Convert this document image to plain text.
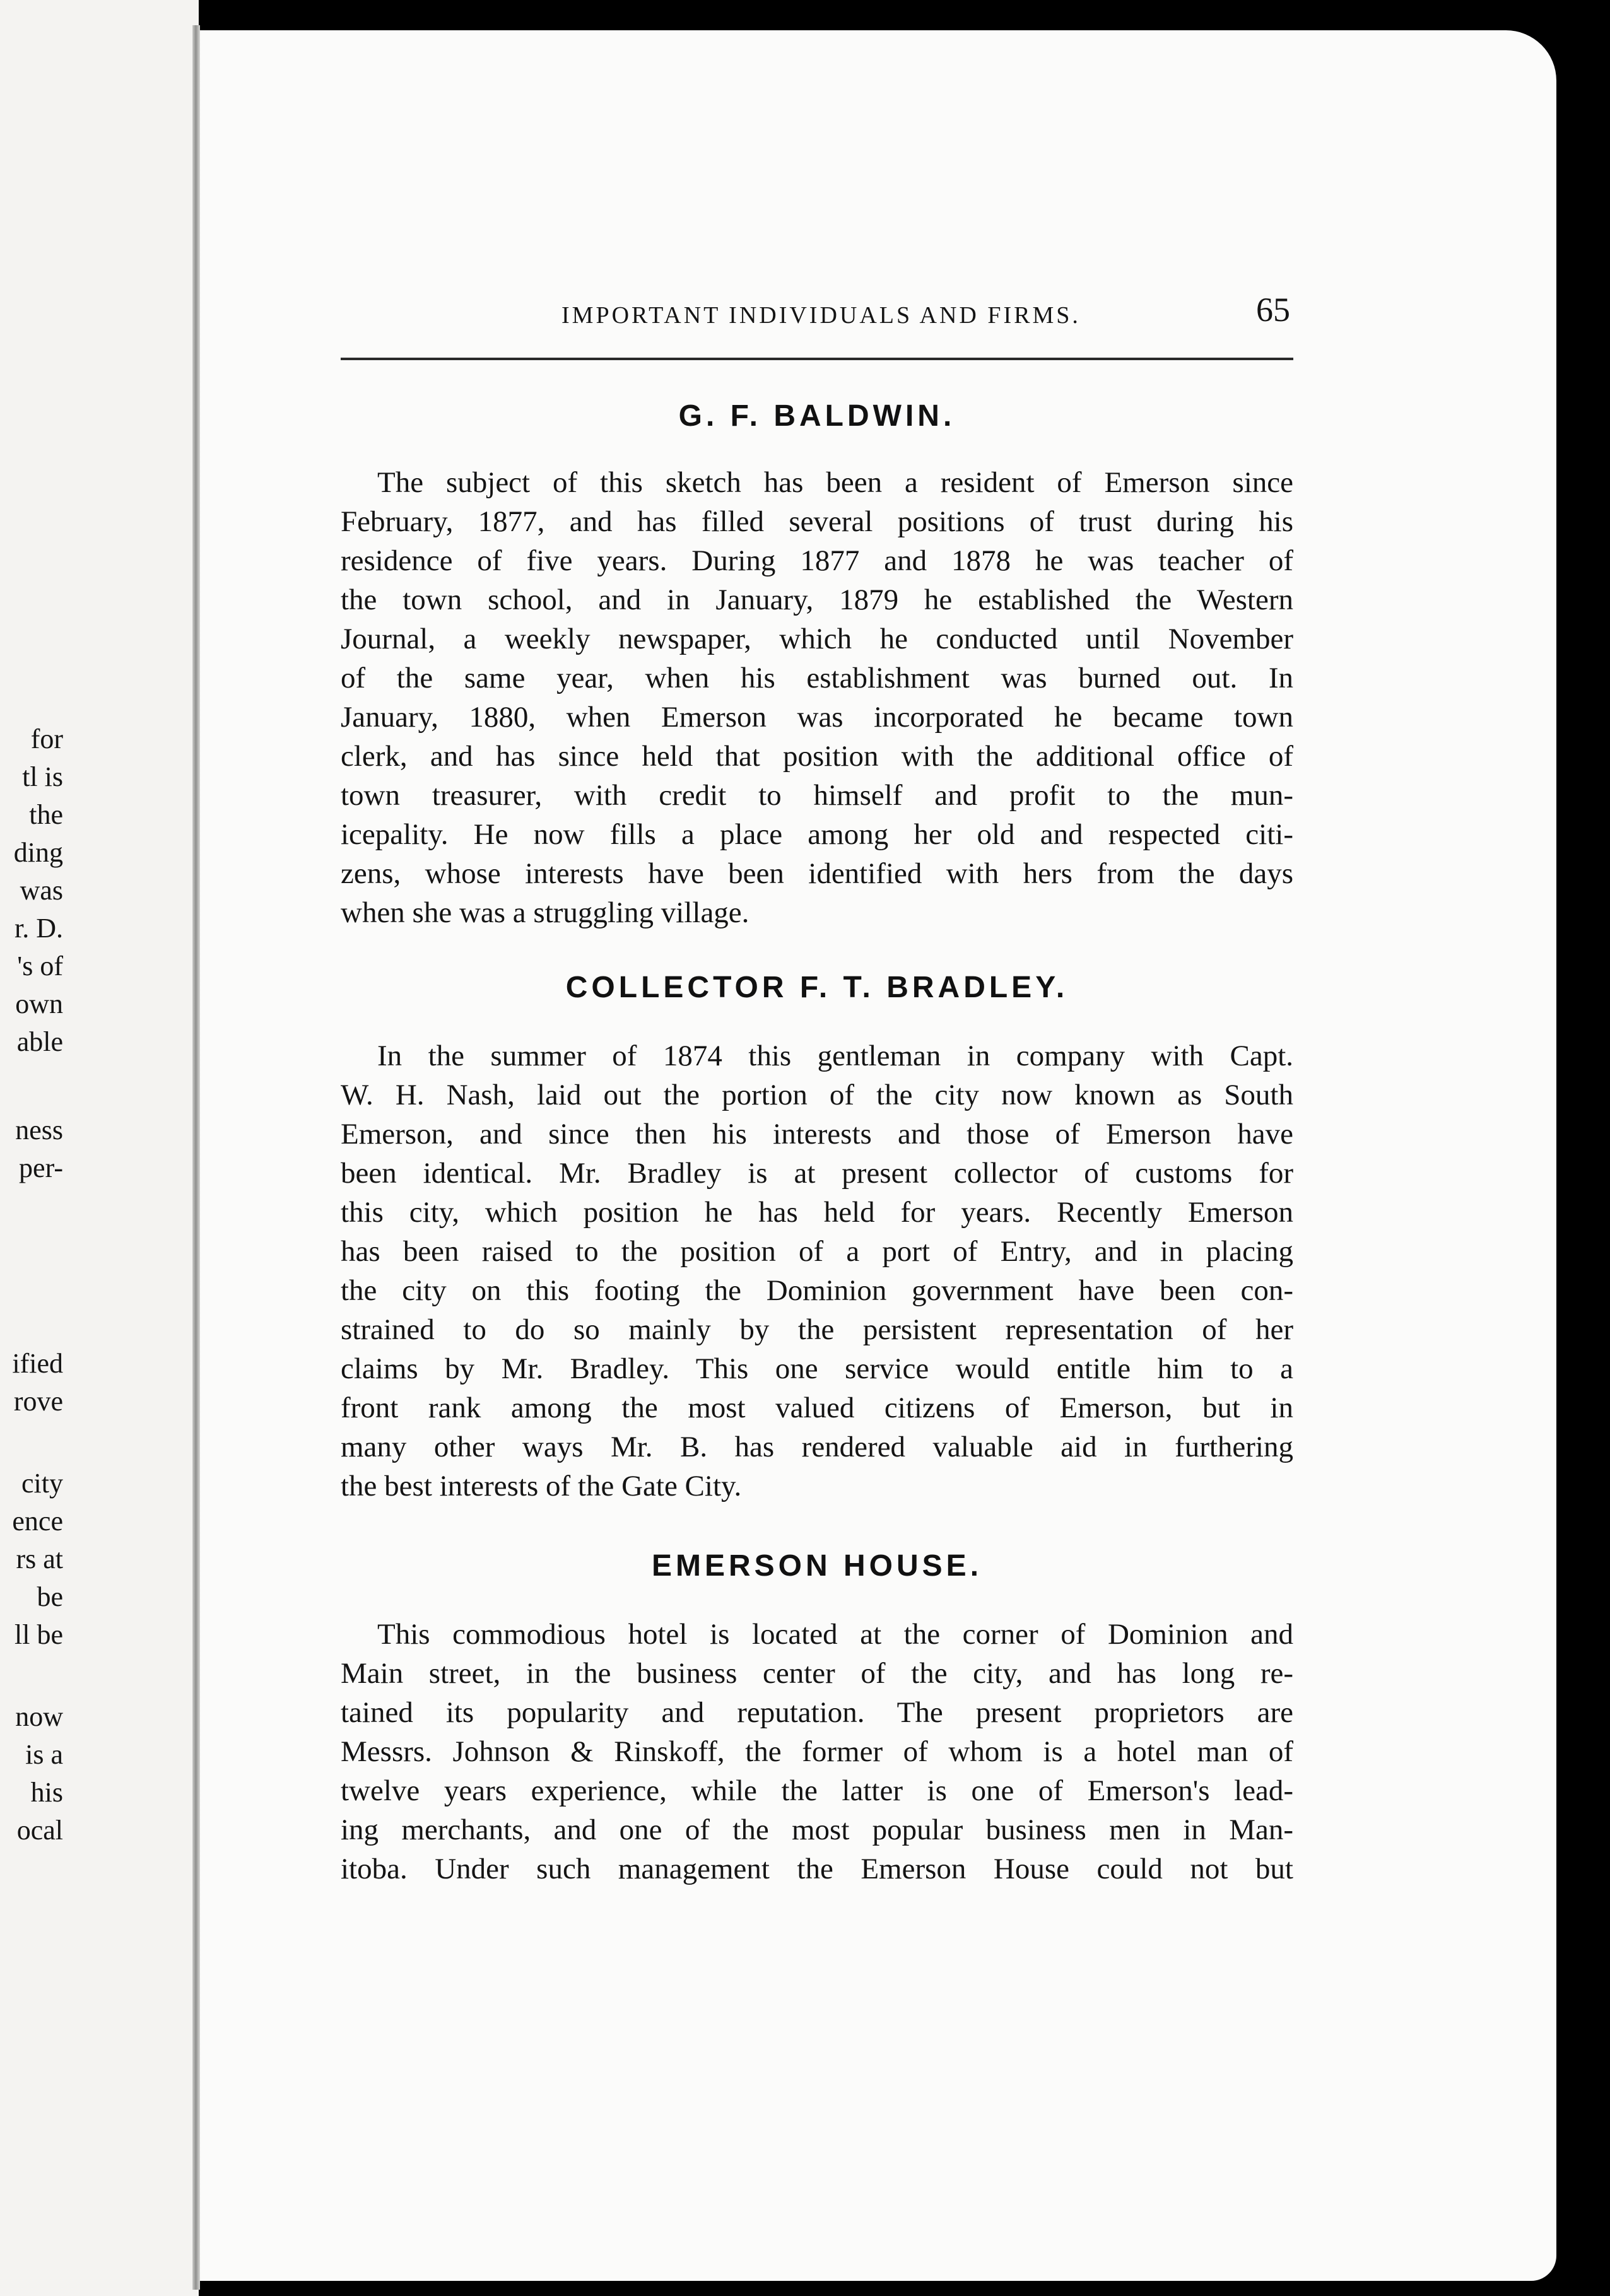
for
tl is
the
ding
was
r. D.
's of
own
able
ness
per-
ified
rove
city
ence
rs at
be
ll be
now
is a
his
ocal
IMPORTANT INDIVIDUALS AND FIRMS.	65
G. F. BALDWIN.
The subject of this sketch has been a resident of Emerson since
February, 1877, and has filled several positions of trust during his
residence of five years. During 1877 and 1878 he was teacher of
the town school, and in January, 1879 he established the Western
Journal, a weekly newspaper, which he conducted until November
of the same year, when his establishment was burned out. In
January, 1880, when Emerson was incorporated he became town
clerk, and has since held that position with the additional office of
town treasurer, with credit to himself and profit to the mun-
icepality. He now fills a place among her old and respected citi-
zens, whose interests have been identified with hers from the days
when she was a struggling village.
COLLECTOR F. T. BRADLEY.
In the summer of 1874 this gentleman in company with Capt.
W. H. Nash, laid out the portion of the city now known as South
Emerson, and since then his interests and those of Emerson have
been identical. Mr. Bradley is at present collector of customs for
this city, which position he has held for years. Recently Emerson
has been raised to the position of a port of Entry, and in placing
the city on this footing the Dominion government have been con-
strained to do so mainly by the persistent representation of her
claims by Mr. Bradley. This one service would entitle him to a
front rank among the most valued citizens of Emerson, but in
many other ways Mr. B. has rendered valuable aid in furthering
the best interests of the Gate City.
EMERSON HOUSE.
This commodious hotel is located at the corner of Dominion and
Main street, in the business center of the city, and has long re-
tained its popularity and reputation. The present proprietors are
Messrs. Johnson & Rinskoff, the former of whom is a hotel man of
twelve years experience, while the latter is one of Emerson's lead-
ing merchants, and one of the most popular business men in Man-
itoba. Under such management the Emerson House could not but
